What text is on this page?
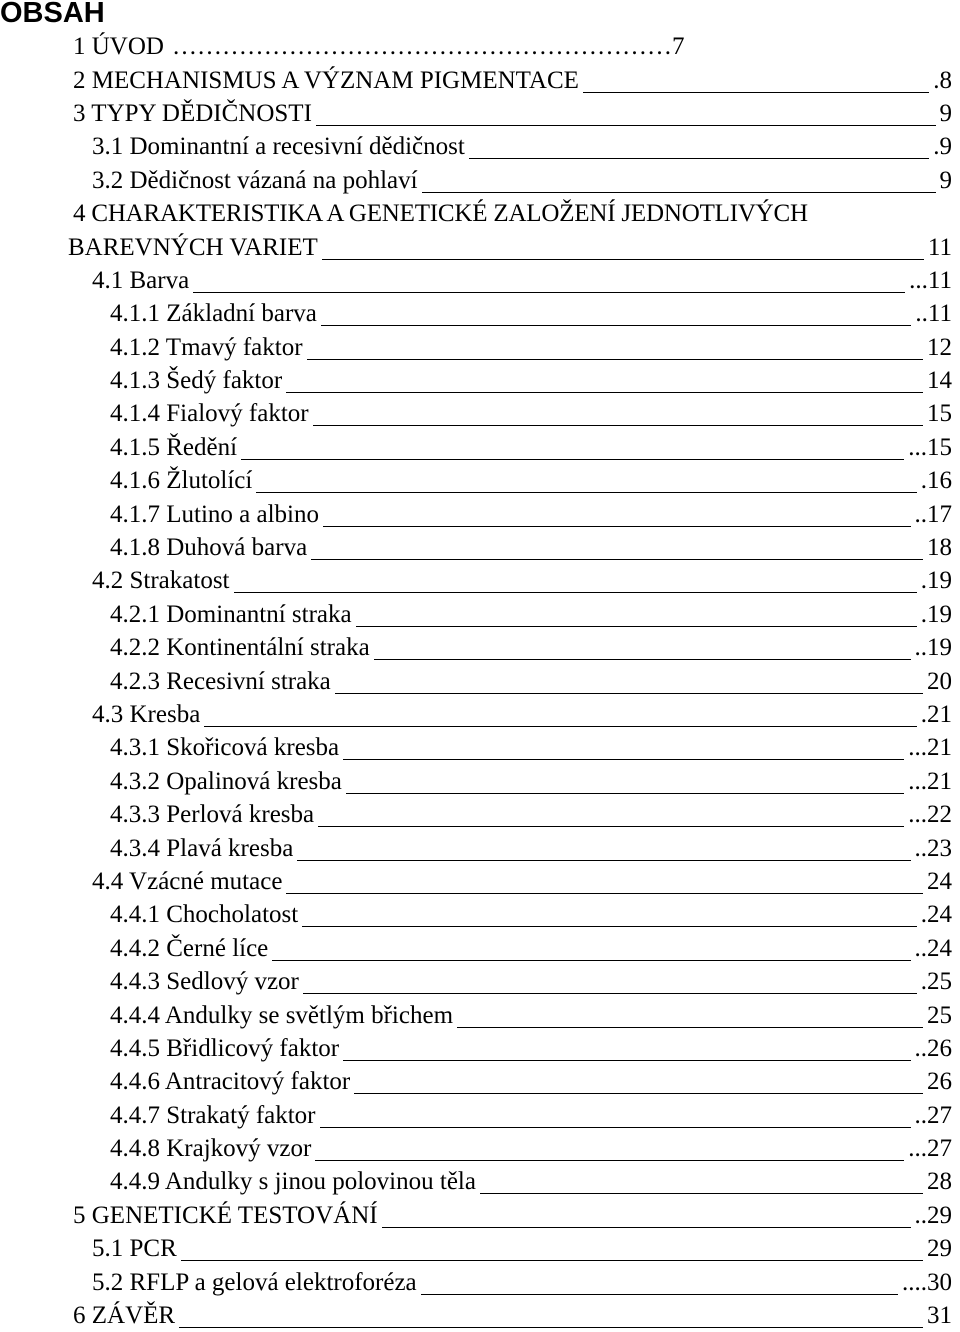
OBSAH
1 ÚVOD ……………………………………………………7
2 MECHANISMUS A VÝZNAM PIGMENTACE	.8
3 TYPY DĚDIČNOSTI	9
3.1 Dominantní a recesivní dědičnost	.9
3.2 Dědičnost vázaná na pohlaví	9
4 CHARAKTERISTIKA A GENETICKÉ ZALOŽENÍ JEDNOTLIVÝCH
BAREVNÝCH VARIET	11
4.1 Barva	...11
4.1.1 Základní barva	..11
4.1.2 Tmavý faktor	12
4.1.3 Šedý faktor	14
4.1.4 Fialový faktor	15
4.1.5 Ředění	...15
4.1.6 Žlutolící	.16
4.1.7 Lutino a albino	..17
4.1.8 Duhová barva	18
4.2 Strakatost	.19
4.2.1 Dominantní straka	.19
4.2.2 Kontinentální straka	..19
4.2.3 Recesivní straka	20
4.3 Kresba	.21
4.3.1 Skořicová kresba	...21
4.3.2 Opalinová kresba	...21
4.3.3 Perlová kresba	...22
4.3.4 Plavá kresba	..23
4.4 Vzácné mutace	24
4.4.1 Chocholatost	.24
4.4.2 Černé líce	..24
4.4.3 Sedlový vzor	.25
4.4.4 Andulky se světlým břichem	25
4.4.5 Břidlicový faktor	..26
4.4.6 Antracitový faktor	26
4.4.7 Strakatý faktor	..27
4.4.8 Krajkový vzor	...27
4.4.9 Andulky s jinou polovinou těla	28
5 GENETICKÉ TESTOVÁNÍ	..29
5.1 PCR	29
5.2 RFLP a gelová elektroforéza	....30
6 ZÁVĚR	31
